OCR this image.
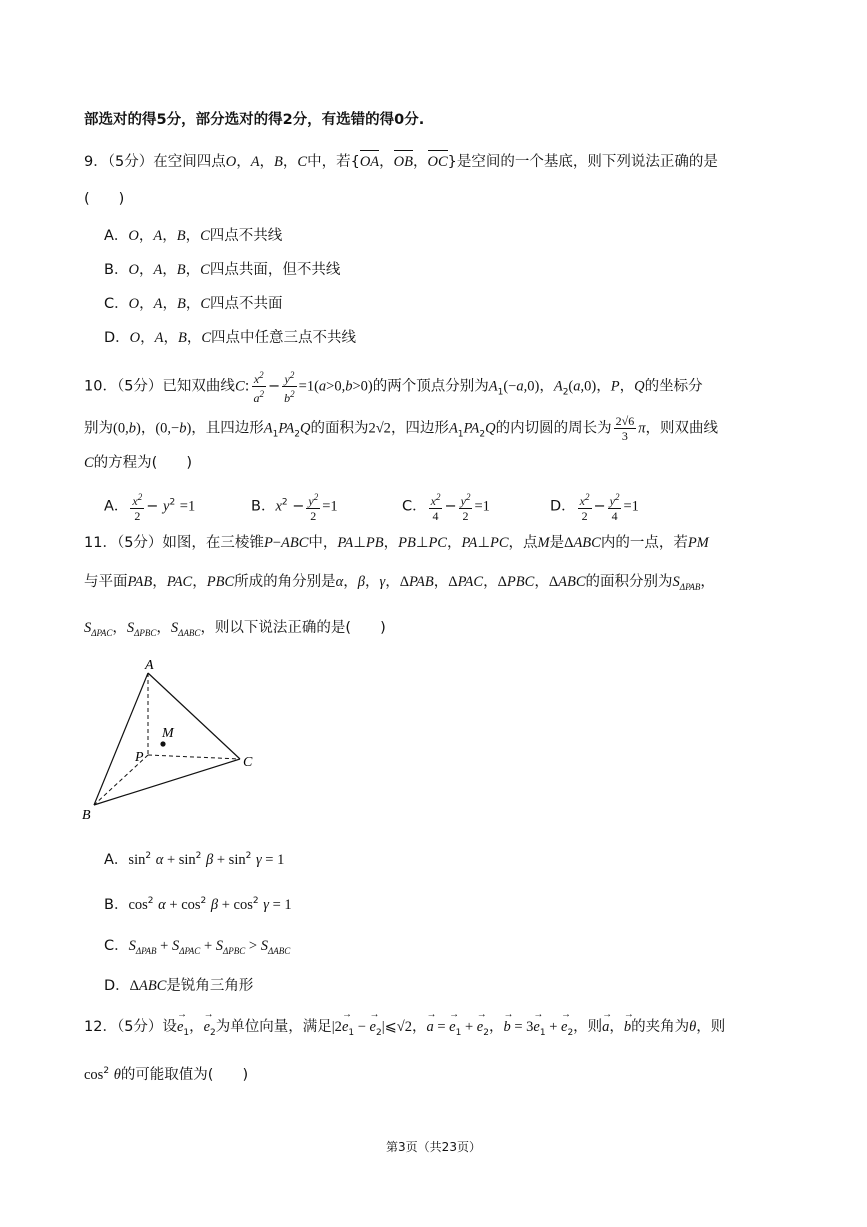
部选对的得5分，部分选对的得2分，有选错的得0分.
9．（5分）在空间四点O，A，B，C中，若{OA，OB，OC}是空间的一个基底，则下列说法正确的是
(　　)
A．O，A，B，C四点不共线
B．O，A，B，C四点共面，但不共线
C．O，A，B，C四点不共面
D．O，A，B，C四点中任意三点不共线
10．（5分）已知双曲线C: $\frac{x^2}{a^2} - \frac{y^2}{b^2} =1(a>0,b>0)$的两个顶点分别为$A_1(-a,0)$，$A_2(a,0)$，P，Q的坐标分
别为(0,b)，(0,−b)，且四边形$A_1PA_2Q$的面积为2√2，四边形$A_1PA_2Q$的内切圆的周长为 $\frac{2√6}{3}$ π，则双曲线
C的方程为(　　)
A． $\frac{x^2}{2} - y^2 =1$	B．$x^2 - \frac{y^2}{2} =1$	C． $\frac{x^2}{4} - \frac{y^2}{2} =1$	D． $\frac{x^2}{2} - \frac{y^2}{4} =1$
11．（5分）如图，在三棱锥P−ABC中，PA⊥PB，PB⊥PC，PA⊥PC，点M是ΔABC内的一点，若PM
与平面PAB，PAC，PBC所成的角分别是α，β，γ，ΔPAB，ΔPAC，ΔPBC，ΔABC的面积分别为$S_{\Delta PAB}$，
$S_{\Delta PAC}$，$S_{\Delta PBC}$，$S_{\Delta ABC}$，则以下说法正确的是(　　)
A
M
P	C
B
A．$\sin^2 \alpha + \sin^2 \beta + \sin^2 \gamma = 1$
B．$\cos^2 \alpha + \cos^2 \beta + \cos^2 \gamma = 1$
C．$S_{\Delta PAB} + S_{\Delta PAC} + S_{\Delta PBC} > S_{\Delta ABC}$
D．ΔABC是锐角三角形
12．（5分）设$e \to_1$，$e \to_2$为单位向量，满足$|2e \to_1 - e$ $\to_2|⩽√2$，a → = $e \to_1 + e \to_2$，b → = $3e \to_1 + e \to_2$，则a →，b →的夹角为θ，则
$\cos^2 \theta$的可能取值为(　　)
第3页（共23页）
